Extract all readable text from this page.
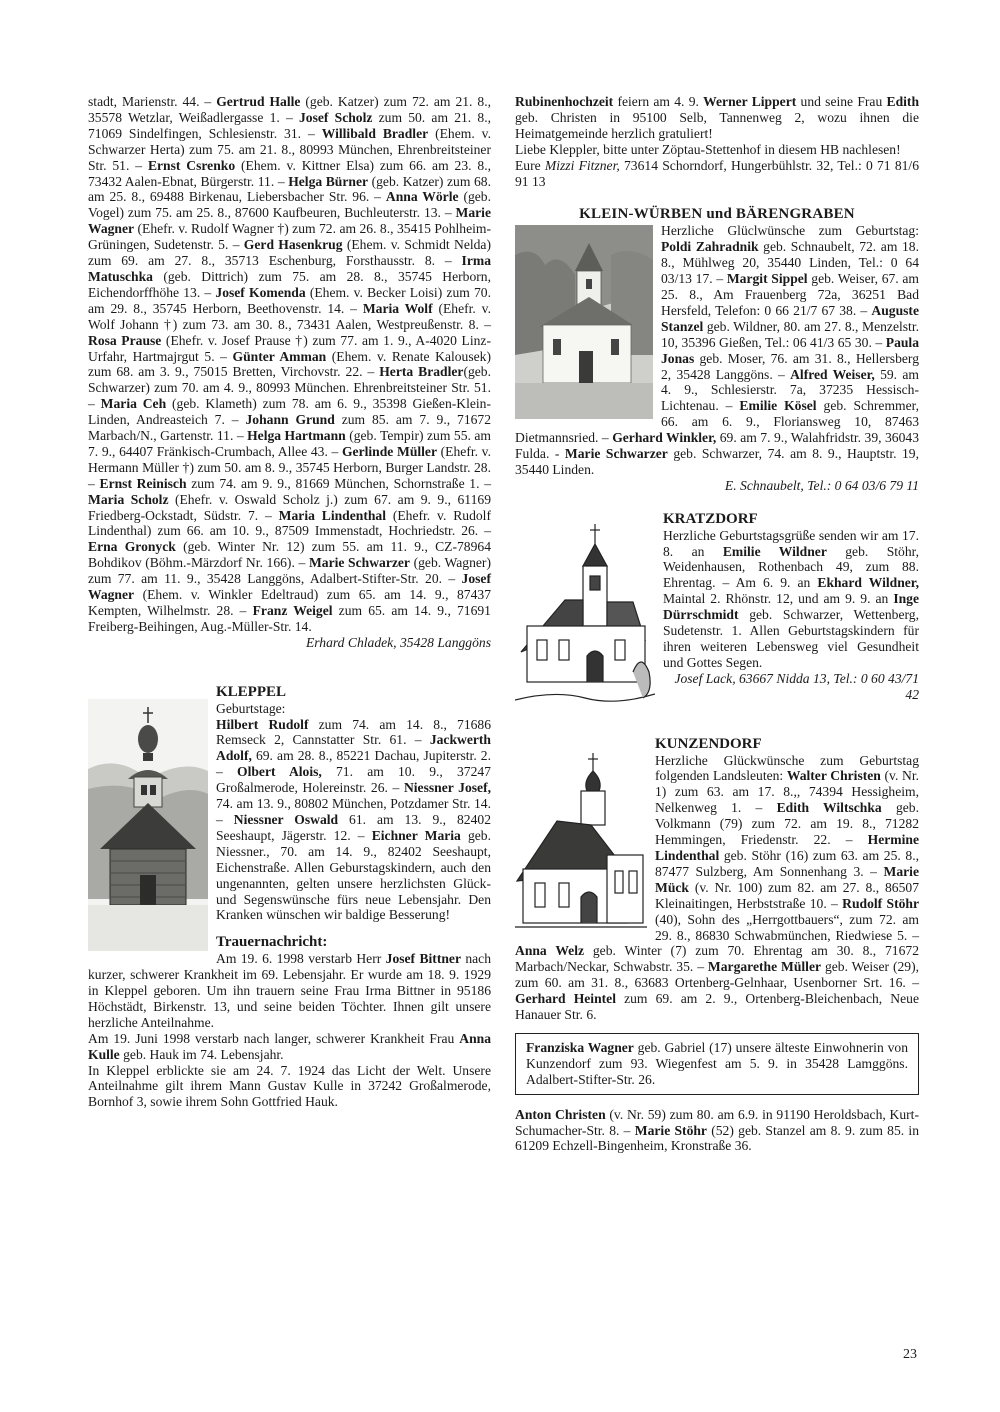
stadt, Marienstr. 44. – Gertrud Halle (geb. Katzer) zum 72. am 21. 8., 35578 Wetzlar, Weißadlergasse 1. – Josef Scholz zum 50. am 21. 8., 71069 Sindelfingen, Schlesienstr. 31. – Willibald Bradler (Ehem. v. Schwarzer Herta) zum 75. am 21. 8., 80993 München, Ehrenbreitsteiner Str. 51. – Ernst Csrenko (Ehem. v. Kittner Elsa) zum 66. am 23. 8., 73432 Aalen-Ebnat, Bürgerstr. 11. – Helga Bürner (geb. Katzer) zum 68. am 25. 8., 69488 Birkenau, Liebersbacher Str. 96. – Anna Wörle (geb. Vogel) zum 75. am 25. 8., 87600 Kaufbeuren, Buchleuterstr. 13. – Marie Wagner (Ehefr. v. Rudolf Wagner †) zum 72. am 26. 8., 35415 Pohlheim-Grüningen, Sudetenstr. 5. – Gerd Hasenkrug (Ehem. v. Schmidt Nelda) zum 69. am 27. 8., 35713 Eschenburg, Forsthausstr. 8. – Irma Matuschka (geb. Dittrich) zum 75. am 28. 8., 35745 Herborn, Eichendorffhöhe 13. – Josef Komenda (Ehem. v. Becker Loisi) zum 70. am 29. 8., 35745 Herborn, Beethovenstr. 14. – Maria Wolf (Ehefr. v. Wolf Johann †) zum 73. am 30. 8., 73431 Aalen, Westpreußenstr. 8. – Rosa Prause (Ehefr. v. Josef Prause †) zum 77. am 1. 9., A-4020 Linz-Urfahr, Hartmajrgut 5. – Günter Amman (Ehem. v. Renate Kalousek) zum 68. am 3. 9., 75015 Bretten, Virchovstr. 22. – Herta Bradler(geb. Schwarzer) zum 70. am 4. 9., 80993 München. Ehrenbreitsteiner Str. 51. – Maria Ceh (geb. Klameth) zum 78. am 6. 9., 35398 Gießen-Klein-Linden, Andreasteich 7. – Johann Grund zum 85. am 7. 9., 71672 Marbach/N., Gartenstr. 11. – Helga Hartmann (geb. Tempir) zum 55. am 7. 9., 64407 Fränkisch-Crumbach, Allee 43. – Gerlinde Müller (Ehefr. v. Hermann Müller †) zum 50. am 8. 9., 35745 Herborn, Burger Landstr. 28. – Ernst Reinisch zum 74. am 9. 9., 81669 München, Schornstraße 1. – Maria Scholz (Ehefr. v. Oswald Scholz j.) zum 67. am 9. 9., 61169 Friedberg-Ockstadt, Südstr. 7. – Maria Lindenthal (Ehefr. v. Rudolf Lindenthal) zum 66. am 10. 9., 87509 Immenstadt, Hochriedstr. 26. – Erna Gronyck (geb. Winter Nr. 12) zum 55. am 11. 9., CZ-78964 Bohdikov (Böhm.-Märzdorf Nr. 166). – Marie Schwarzer (geb. Wagner) zum 77. am 11. 9., 35428 Langgöns, Adalbert-Stifter-Str. 20. – Josef Wagner (Ehem. v. Winkler Edeltraud) zum 65. am 14. 9., 87437 Kempten, Wilhelmstr. 28. – Franz Weigel zum 65. am 14. 9., 71691 Freiberg-Beihingen, Aug.-Müller-Str. 14.

Erhard Chladek, 35428 Langgöns

KLEPPEL

Geburtstage:

Hilbert Rudolf zum 74. am 14. 8., 71686 Remseck 2, Cannstatter Str. 61. – Jackwerth Adolf, 69. am 28. 8., 85221 Dachau, Jupiterstr. 2. – Olbert Alois, 71. am 10. 9., 37247 Großalmerode, Holereinstr. 26. – Niessner Josef, 74. am 13. 9., 80802 München, Potzdamer Str. 14. – Niessner Oswald 61. am 13. 9., 82402 Seeshaupt, Jägerstr. 12. – Eichner Maria geb. Niessner., 70. am 14. 9., 82402 Seeshaupt, Eichenstraße. Allen Geburstagskindern, auch den ungenannten, gelten unsere herzlichsten Glück- und Segenswünsche fürs neue Lebensjahr. Den Kranken wünschen wir baldige Besserung!

Trauernachricht:

Am 19. 6. 1998 verstarb Herr Josef Bittner nach kurzer, schwerer Krankheit im 69. Lebensjahr. Er wurde am 18. 9. 1929 in Kleppel geboren. Um ihn trauern seine Frau Irma Bittner in 95186 Höchstädt, Birkenstr. 13, und seine beiden Töchter. Ihnen gilt unsere herzliche Anteilnahme.

Am 19. Juni 1998 verstarb nach langer, schwerer Krankheit Frau Anna Kulle geb. Hauk im 74. Lebensjahr.

In Kleppel erblickte sie am 24. 7. 1924 das Licht der Welt. Unsere Anteilnahme gilt ihrem Mann Gustav Kulle in 37242 Großalmerode, Bornhof 3, sowie ihrem Sohn Gottfried Hauk.

Rubinenhochzeit feiern am 4. 9. Werner Lippert und seine Frau Edith geb. Christen in 95100 Selb, Tannenweg 2, wozu ihnen die Heimatgemeinde herzlich gratuliert!

Liebe Kleppler, bitte unter Zöptau-Stettenhof in diesem HB nachlesen!

Eure Mizzi Fitzner, 73614 Schorndorf, Hungerbühlstr. 32, Tel.: 0 71 81/6 91 13

KLEIN-WÜRBEN und BÄRENGRABEN

Herzliche Glüclwünsche zum Geburtstag: Poldi Zahradnik geb. Schnaubelt, 72. am 18. 8., Mühlweg 20, 35440 Linden, Tel.: 0 64 03/13 17. – Margit Sippel geb. Weiser, 67. am 25. 8., Am Frauenberg 72a, 36251 Bad Hersfeld, Telefon: 0 66 21/7 67 38. – Auguste Stanzel geb. Wildner, 80. am 27. 8., Menzelstr. 10, 35396 Gießen, Tel.: 06 41/3 65 30. – Paula Jonas geb. Moser, 76. am 31. 8., Hellersberg 2, 35428 Langgöns. – Alfred Weiser, 59. am 4. 9., Schlesierstr. 7a, 37235 Hessisch-Lichtenau. – Emilie Kösel geb. Schremmer, 66. am 6. 9., Floriansweg 10, 87463 Dietmannsried. – Gerhard Winkler, 69. am 7. 9., Walahfridstr. 39, 36043 Fulda. - Marie Schwarzer geb. Schwarzer, 74. am 8. 9., Hauptstr. 19, 35440 Linden.

E. Schnaubelt, Tel.: 0 64 03/6 79 11

KRATZDORF

Herzliche Geburtstagsgrüße senden wir am 17. 8. an Emilie Wildner geb. Stöhr, Weidenhausen, Rothenbach 49, zum 88. Ehrentag. – Am 6. 9. an Ekhard Wildner, Maintal 2. Rhönstr. 12, und am 9. 9. an Inge Dürrschmidt geb. Schwarzer, Wettenberg, Sudetenstr. 1. Allen Geburtstagskindern für ihren weiteren Lebensweg viel Gesundheit und Gottes Segen.

Josef Lack, 63667 Nidda 13, Tel.: 0 60 43/71 42

KUNZENDORF

Herzliche Glückwünsche zum Geburtstag folgenden Landsleuten: Walter Christen (v. Nr. 1) zum 63. am 17. 8.,, 74394 Hessigheim, Nelkenweg 1. – Edith Wiltschka geb. Volkmann (79) zum 72. am 19. 8., 71282 Hemmingen, Friedenstr. 22. – Hermine Lindenthal geb. Stöhr (16) zum 63. am 25. 8., 87477 Sulzberg, Am Sonnenhang 3. – Marie Mück (v. Nr. 100) zum 82. am 27. 8., 86507 Kleinaitingen, Herbststraße 10. – Rudolf Stöhr (40), Sohn des „Herrgottbauers“, zum 72. am 29. 8., 86830 Schwabmünchen, Riedwiese 5. – Anna Welz geb. Winter (7) zum 70. Ehrentag am 30. 8., 71672 Marbach/Neckar, Schwabstr. 35. – Margarethe Müller geb. Weiser (29), zum 60. am 31. 8., 63683 Ortenberg-Gelnhaar, Usenborner Srt. 16. – Gerhard Heintel zum 69. am 2. 9., Ortenberg-Bleichenbach, Neue Hanauer Str. 6.

Franziska Wagner geb. Gabriel (17) unsere älteste Einwohnerin von Kunzendorf zum 93. Wiegenfest am 5. 9. in 35428 Lamggöns. Adalbert-Stifter-Str. 26.

Anton Christen (v. Nr. 59) zum 80. am 6.9. in 91190 Heroldsbach, Kurt-Schumacher-Str. 8. – Marie Stöhr (52) geb. Stanzel am 8. 9. zum 85. in 61209 Echzell-Bingenheim, Kronstraße 36.

23
